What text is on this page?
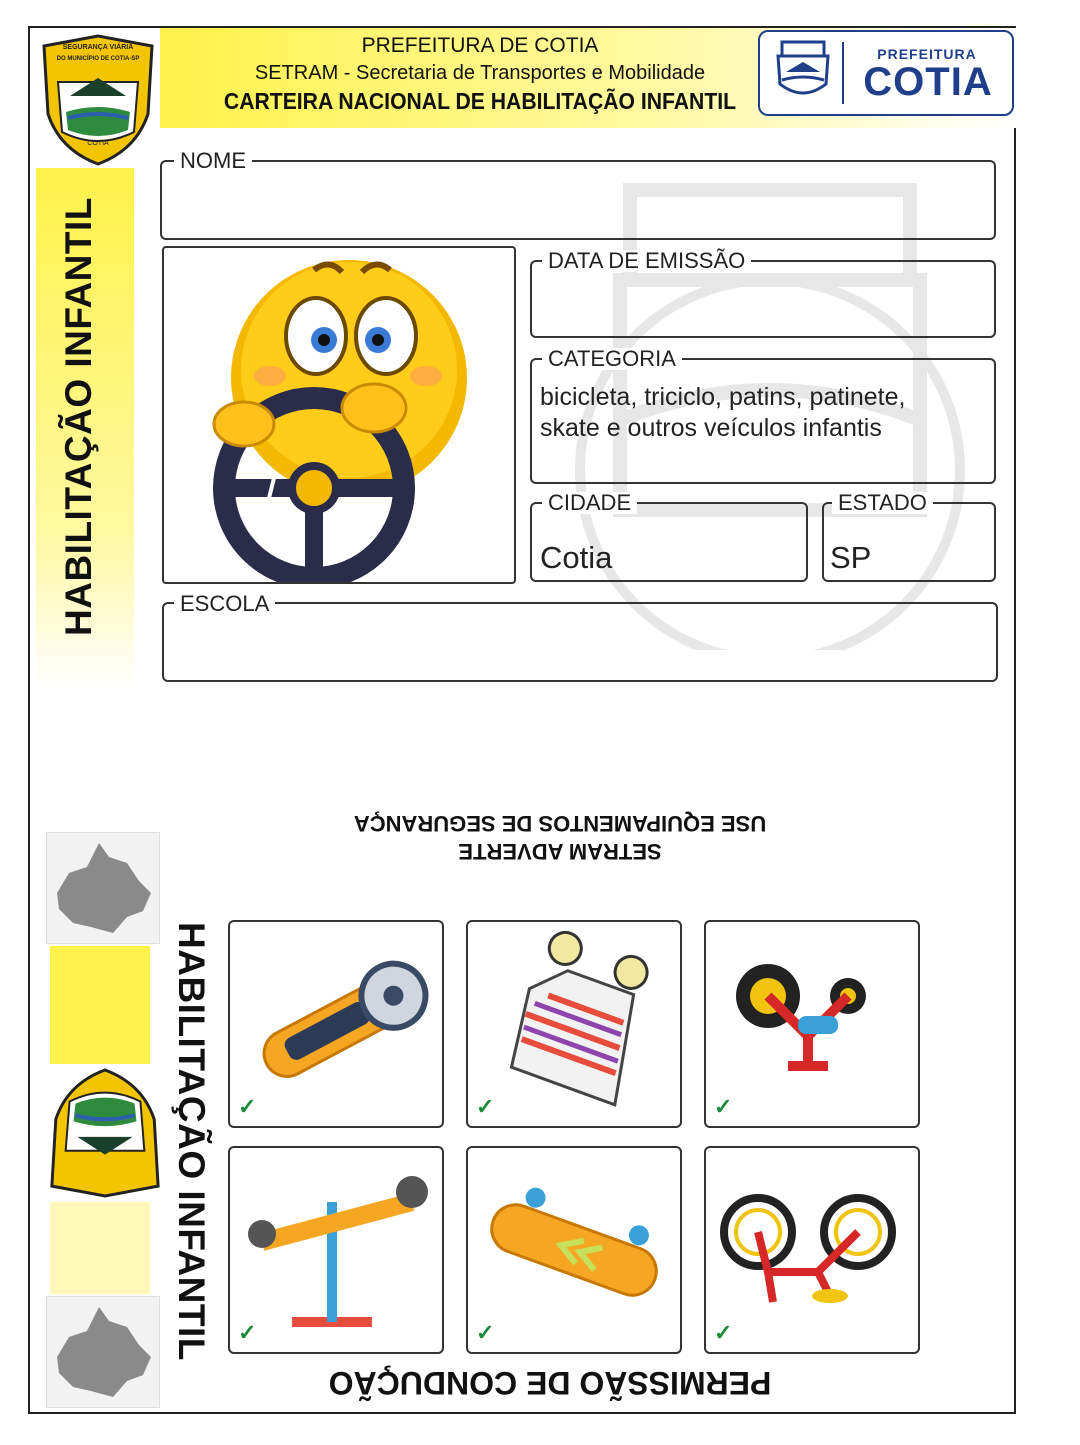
PREFEITURA DE COTIA
SETRAM - Secretaria de Transportes e Mobilidade
CARTEIRA NACIONAL DE HABILITAÇÃO INFANTIL
SEGURANÇA VIÁRIA
DO MUNICÍPIO DE COTIA-SP
COTIA
PREFEITURA
COTIA
HABILITAÇÃO INFANTIL
NOME
DATA DE EMISSÃO
CATEGORIA
bicicleta, triciclo, patins, patinete,
skate e outros veículos infantis
CIDADE
Cotia
ESTADO
SP
ESCOLA
USE EQUIPAMENTOS DE SEGURANÇA
SETRAM ADVERTE
HABILITAÇÃO INFANTIL ✓	✓	✓
✓	✓	✓
PERMISSÃO DE CONDUÇÃO
